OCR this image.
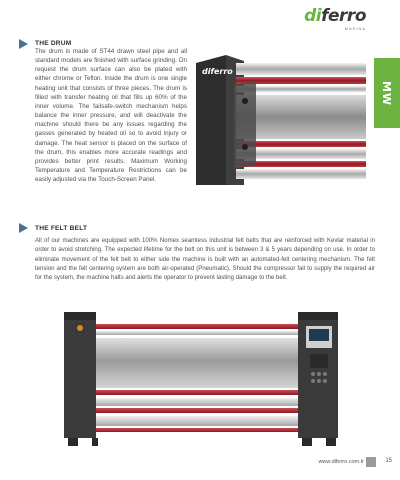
diferro
MAKINA
MW
THE DRUM
The drum is made of ST44 drawn steel pipe and all standard models are finished with surface grinding. On request the drum surface can also be plated with either chrome or Teflon. Inside the drum is one single heating unit that consists of three pieces. The drum is filled with transfer heating oil that fills up 60% of the inner volume. The failsafe-switch mechanism helps balance the inner pressure, and will deactivate the machine should there be any issues regarding the gasses generated by heated oil so to avoid injury or damage. The heat sensor is placed on the surface of the drum, this enables more accurate readings and provides better print results. Maximum Working Temperature and Temperature Restrictions can be easily adjusted via the Touch-Screen Panel.
diferro
THE FELT BELT
All of our machines are equipped with 100% Nomex seamless industrial felt belts that are reinforced with Kevlar material in order to avoid stretching. The expected lifetime for the belt on this unit is between 3 & 5 years depending on use. In order to eliminate movement of the felt belt to either side the machine is built with an automated-felt centering mechanism. The felt tension and the felt centering system are both air-operated (Pneumatic). Should the compressor fail to supply the required air for the system, the machine halts and alerts the operator to prevent lasting damage to the belt.
www.diferro.com.tr	15
